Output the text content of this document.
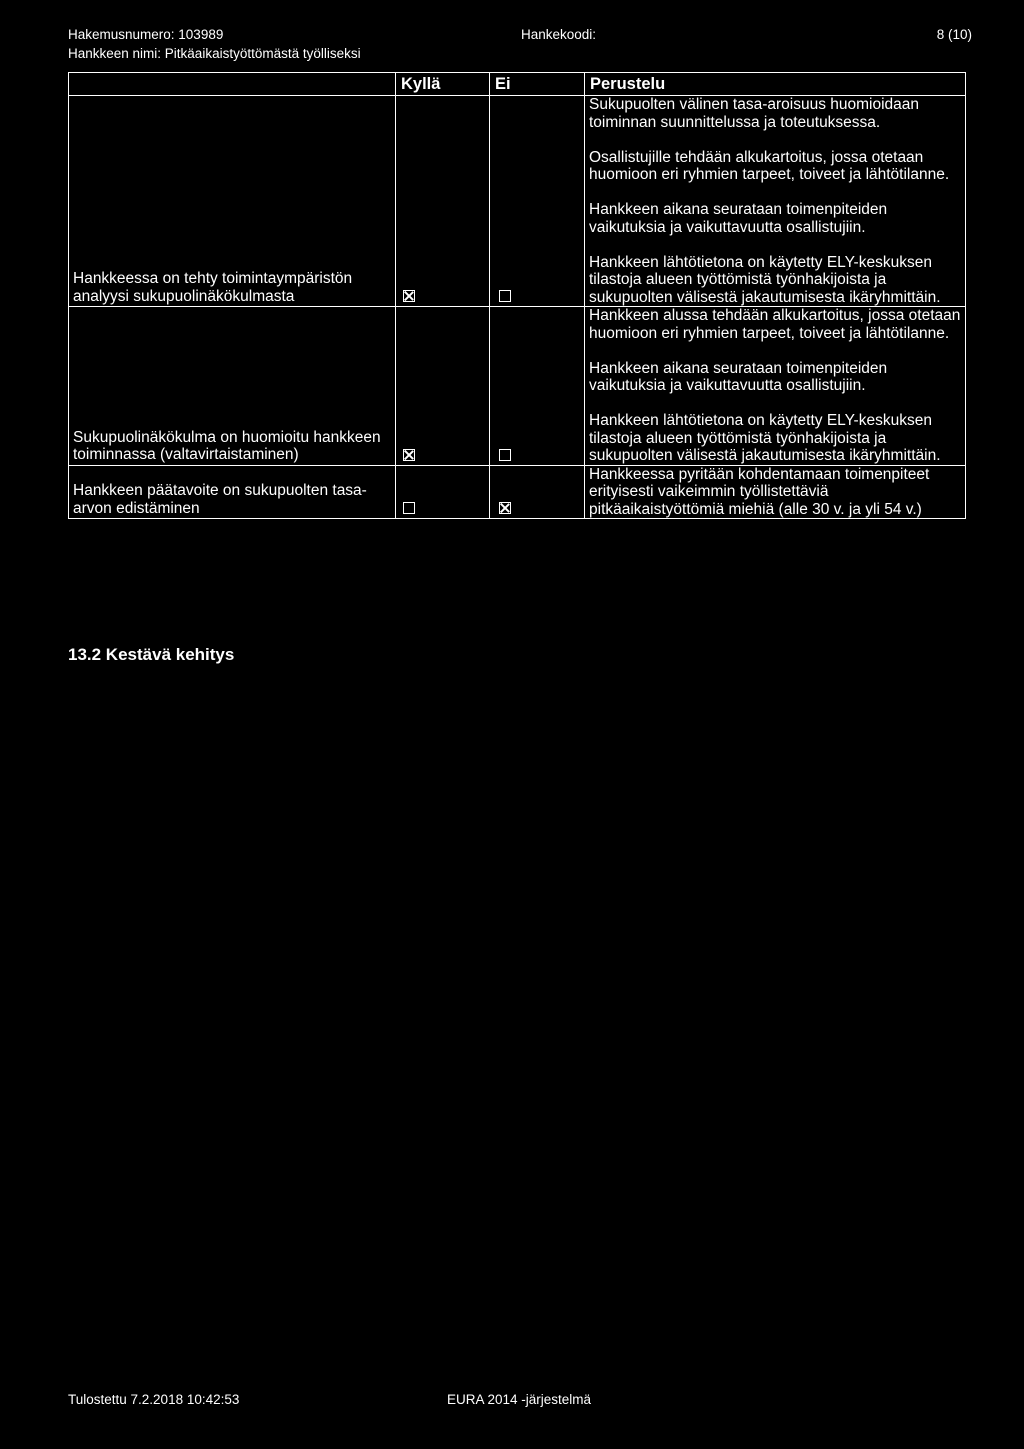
Hakemusnumero: 103989	Hankekoodi:	8 (10)
Hankkeen nimi: Pitkäaikaistyöttömästä työlliseksi
	Kyllä	Ei	Perustelu
Hankkeessa on tehty toimintaympäristön analyysi sukupuolinäkökulmasta			Sukupuolten välinen tasa-aroisuus huomioidaan toiminnan suunnittelussa ja toteutuksessa.

Osallistujille tehdään alkukartoitus, jossa otetaan huomioon eri ryhmien tarpeet, toiveet ja lähtötilanne.

Hankkeen aikana seurataan toimenpiteiden vaikutuksia ja vaikuttavuutta osallistujiin.

Hankkeen lähtötietona on käytetty ELY-keskuksen tilastoja alueen työttömistä työnhakijoista ja sukupuolten välisestä jakautumisesta ikäryhmittäin.

Sukupuolinäkökulma on huomioitu hankkeen toiminnassa (valtavirtaistaminen)			Hankkeen alussa tehdään alkukartoitus, jossa otetaan huomioon eri ryhmien tarpeet, toiveet ja lähtötilanne.

Hankkeen aikana seurataan toimenpiteiden vaikutuksia ja vaikuttavuutta osallistujiin.

Hankkeen lähtötietona on käytetty ELY-keskuksen tilastoja alueen työttömistä työnhakijoista ja sukupuolten välisestä jakautumisesta ikäryhmittäin.

Hankkeen päätavoite on sukupuolten tasa-arvon edistäminen			Hankkeessa pyritään kohdentamaan toimenpiteet erityisesti vaikeimmin työllistettäviä pitkäaikaistyöttömiä miehiä (alle 30 v. ja yli 54 v.)

13.2 Kestävä kehitys
Tulostettu 7.2.2018 10:42:53	EURA 2014 -järjestelmä
